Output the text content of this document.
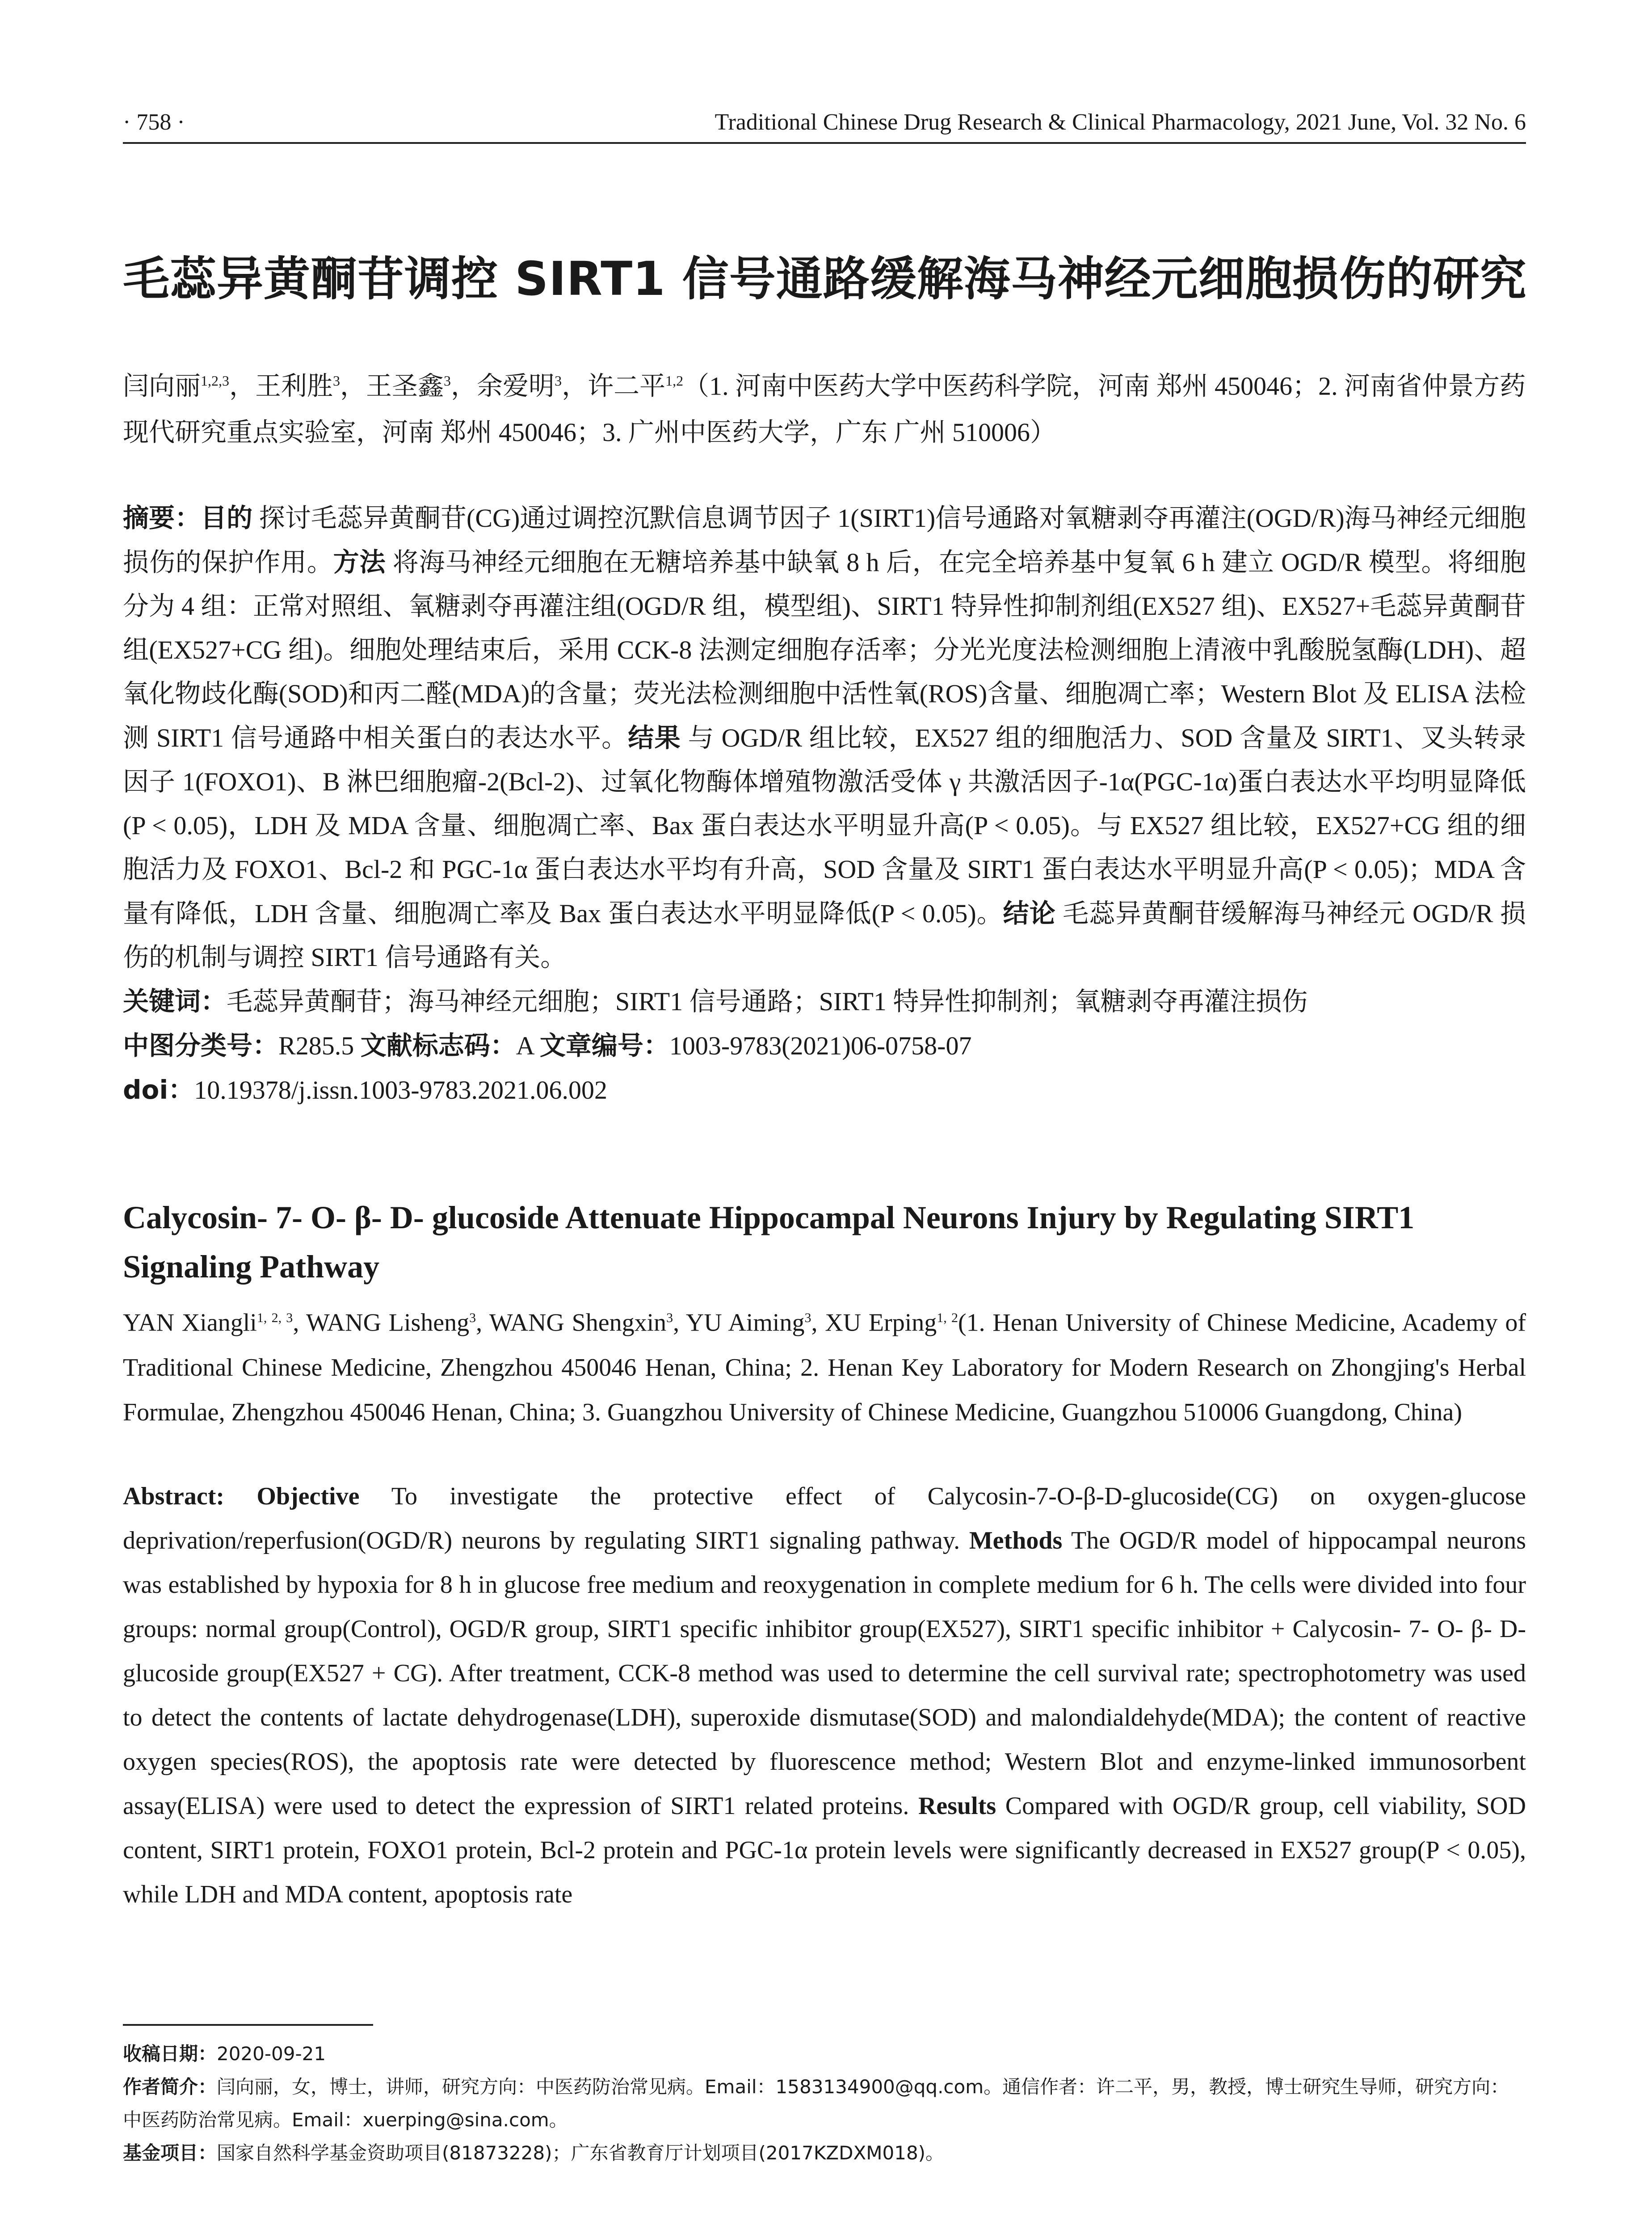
· 758 ·	Traditional Chinese Drug Research & Clinical Pharmacology, 2021 June, Vol. 32 No. 6
毛蕊异黄酮苷调控 SIRT1 信号通路缓解海马神经元细胞损伤的研究
闫向丽$^{1,2,3}$，王利胜$^3$，王圣鑫$^3$，余爱明$^3$，许二平$^{1,2}$（1. 河南中医药大学中医药科学院，河南 郑州 450046；2. 河南省仲景方药现代研究重点实验室，河南 郑州 450046；3. 广州中医药大学，广东 广州 510006）
摘要：目的 探讨毛蕊异黄酮苷(CG)通过调控沉默信息调节因子 1(SIRT1)信号通路对氧糖剥夺再灌注(OGD/R)海马神经元细胞损伤的保护作用。方法 将海马神经元细胞在无糖培养基中缺氧 8 h 后，在完全培养基中复氧 6 h 建立 OGD/R 模型。将细胞分为 4 组：正常对照组、氧糖剥夺再灌注组(OGD/R 组，模型组)、SIRT1 特异性抑制剂组(EX527 组)、EX527+毛蕊异黄酮苷组(EX527+CG 组)。细胞处理结束后，采用 CCK-8 法测定细胞存活率；分光光度法检测细胞上清液中乳酸脱氢酶(LDH)、超氧化物歧化酶(SOD)和丙二醛(MDA)的含量；荧光法检测细胞中活性氧(ROS)含量、细胞凋亡率；Western Blot 及 ELISA 法检测 SIRT1 信号通路中相关蛋白的表达水平。结果 与 OGD/R 组比较，EX527 组的细胞活力、SOD 含量及 SIRT1、叉头转录因子 1(FOXO1)、B 淋巴细胞瘤-2(Bcl-2)、过氧化物酶体增殖物激活受体 γ 共激活因子-1α(PGC-1α)蛋白表达水平均明显降低(P < 0.05)，LDH 及 MDA 含量、细胞凋亡率、Bax 蛋白表达水平明显升高(P < 0.05)。与 EX527 组比较，EX527+CG 组的细胞活力及 FOXO1、Bcl-2 和 PGC-1α 蛋白表达水平均有升高，SOD 含量及 SIRT1 蛋白表达水平明显升高(P < 0.05)；MDA 含量有降低，LDH 含量、细胞凋亡率及 Bax 蛋白表达水平明显降低(P < 0.05)。结论 毛蕊异黄酮苷缓解海马神经元 OGD/R 损伤的机制与调控 SIRT1 信号通路有关。
关键词：毛蕊异黄酮苷；海马神经元细胞；SIRT1 信号通路；SIRT1 特异性抑制剂；氧糖剥夺再灌注损伤
中图分类号：R285.5 文献标志码：A 文章编号：1003-9783(2021)06-0758-07
doi：10.19378/j.issn.1003-9783.2021.06.002
Calycosin- 7- O- β- D- glucoside Attenuate Hippocampal Neurons Injury by Regulating SIRT1 Signaling Pathway
YAN Xiangli$^{1, 2, 3}$, WANG Lisheng$^3$, WANG Shengxin$^3$, YU Aiming$^3$, XU Erping$^{1, 2}$(1. Henan University of Chinese Medicine, Academy of Traditional Chinese Medicine, Zhengzhou 450046 Henan, China; 2. Henan Key Laboratory for Modern Research on Zhongjing's Herbal Formulae, Zhengzhou 450046 Henan, China; 3. Guangzhou University of Chinese Medicine, Guangzhou 510006 Guangdong, China)
Abstract: Objective To investigate the protective effect of Calycosin-7-O-β-D-glucoside(CG) on oxygen-glucose deprivation/reperfusion(OGD/R) neurons by regulating SIRT1 signaling pathway. Methods The OGD/R model of hippocampal neurons was established by hypoxia for 8 h in glucose free medium and reoxygenation in complete medium for 6 h. The cells were divided into four groups: normal group(Control), OGD/R group, SIRT1 specific inhibitor group(EX527), SIRT1 specific inhibitor + Calycosin- 7- O- β- D- glucoside group(EX527 + CG). After treatment, CCK-8 method was used to determine the cell survival rate; spectrophotometry was used to detect the contents of lactate dehydrogenase(LDH), superoxide dismutase(SOD) and malondialdehyde(MDA); the content of reactive oxygen species(ROS), the apoptosis rate were detected by fluorescence method; Western Blot and enzyme-linked immunosorbent assay(ELISA) were used to detect the expression of SIRT1 related proteins. Results Compared with OGD/R group, cell viability, SOD content, SIRT1 protein, FOXO1 protein, Bcl-2 protein and PGC-1α protein levels were significantly decreased in EX527 group(P < 0.05), while LDH and MDA content, apoptosis rate
收稿日期：2020-09-21
作者简介：闫向丽，女，博士，讲师，研究方向：中医药防治常见病。Email：1583134900@qq.com。通信作者：许二平，男，教授，博士研究生导师，研究方向：中医药防治常见病。Email：xuerping@sina.com。
基金项目：国家自然科学基金资助项目(81873228)；广东省教育厅计划项目(2017KZDXM018)。
